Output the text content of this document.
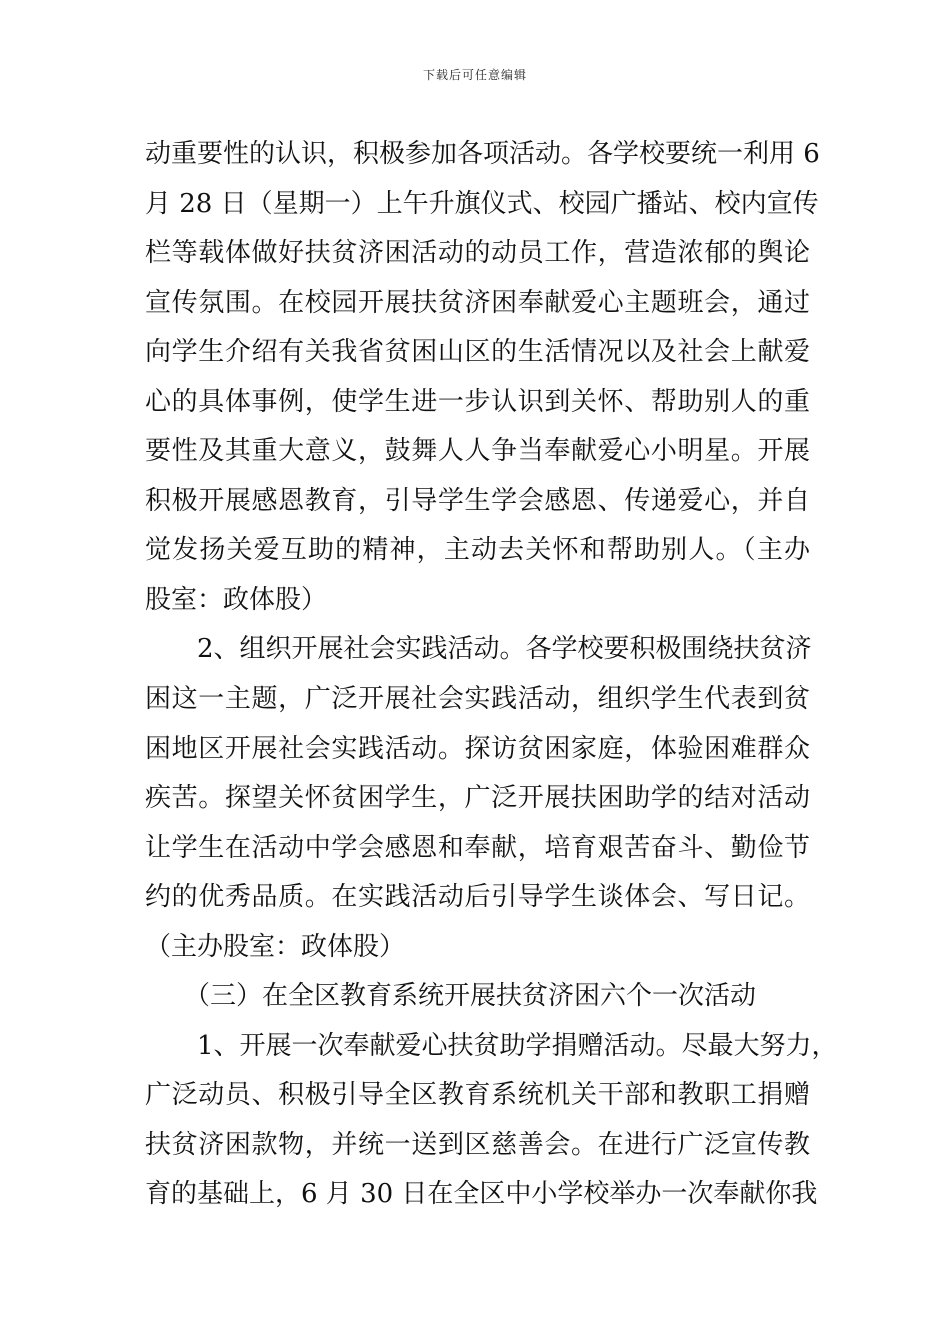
下载后可任意编辑
动重要性的认识，积极参加各项活动。各学校要统一利用 6
月 28 日（星期一）上午升旗仪式、校园广播站、校内宣传
栏等载体做好扶贫济困活动的动员工作，营造浓郁的舆论
宣传氛围。在校园开展扶贫济困奉献爱心主题班会，通过
向学生介绍有关我省贫困山区的生活情况以及社会上献爱
心的具体事例，使学生进一步认识到关怀、帮助别人的重
要性及其重大意义，鼓舞人人争当奉献爱心小明星。开展
积极开展感恩教育，引导学生学会感恩、传递爱心，并自
觉发扬关爱互助的精神，主动去关怀和帮助别人。（主办
股室：政体股）
　　2、组织开展社会实践活动。各学校要积极围绕扶贫济
困这一主题，广泛开展社会实践活动，组织学生代表到贫
困地区开展社会实践活动。探访贫困家庭，体验困难群众
疾苦。探望关怀贫困学生，广泛开展扶困助学的结对活动
让学生在活动中学会感恩和奉献，培育艰苦奋斗、勤俭节
约的优秀品质。在实践活动后引导学生谈体会、写日记。
（主办股室：政体股）
　　（三）在全区教育系统开展扶贫济困六个一次活动
　　1、开展一次奉献爱心扶贫助学捐赠活动。尽最大努力，
广泛动员、积极引导全区教育系统机关干部和教职工捐赠
扶贫济困款物，并统一送到区慈善会。在进行广泛宣传教
育的基础上，6 月 30 日在全区中小学校举办一次奉献你我
